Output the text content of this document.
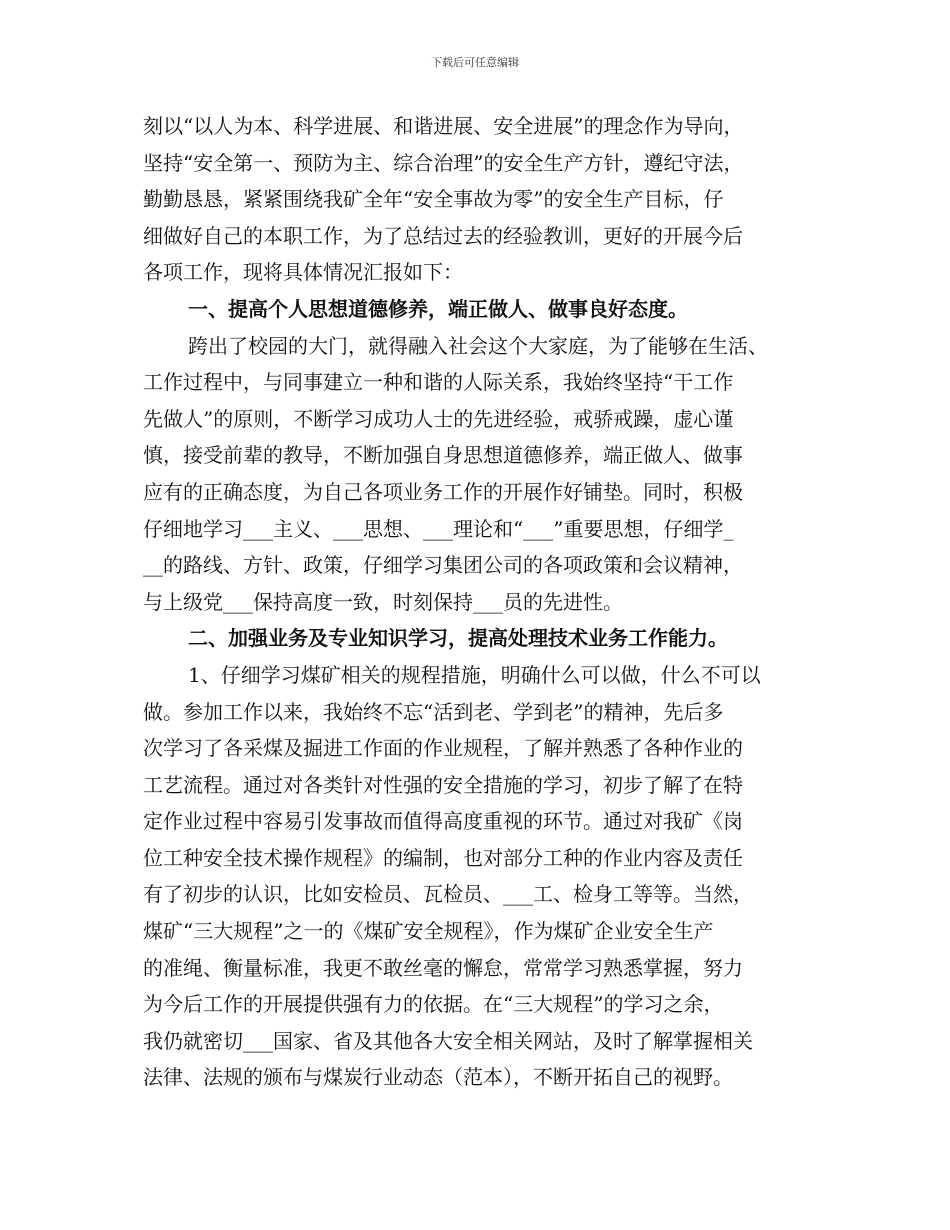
下载后可任意编辑
刻以“以人为本、科学进展、和谐进展、安全进展”的理念作为导向，
坚持“安全第一、预防为主、综合治理”的安全生产方针，遵纪守法，
勤勤恳恳，紧紧围绕我矿全年“安全事故为零”的安全生产目标，仔
细做好自己的本职工作，为了总结过去的经验教训，更好的开展今后
各项工作，现将具体情况汇报如下：
一、提高个人思想道德修养，端正做人、做事良好态度。
跨出了校园的大门，就得融入社会这个大家庭，为了能够在生活、
工作过程中，与同事建立一种和谐的人际关系，我始终坚持“干工作
先做人”的原则，不断学习成功人士的先进经验，戒骄戒躁，虚心谨
慎，接受前辈的教导，不断加强自身思想道德修养，端正做人、做事
应有的正确态度，为自己各项业务工作的开展作好铺垫。同时，积极
仔细地学习___主义、___思想、___理论和“___”重要思想，仔细学_
__的路线、方针、政策，仔细学习集团公司的各项政策和会议精神，
与上级党___保持高度一致，时刻保持___员的先进性。
二、加强业务及专业知识学习，提高处理技术业务工作能力。
1、仔细学习煤矿相关的规程措施，明确什么可以做，什么不可以
做。参加工作以来，我始终不忘“活到老、学到老”的精神，先后多
次学习了各采煤及掘进工作面的作业规程，了解并熟悉了各种作业的
工艺流程。通过对各类针对性强的安全措施的学习，初步了解了在特
定作业过程中容易引发事故而值得高度重视的环节。通过对我矿《岗
位工种安全技术操作规程》的编制，也对部分工种的作业内容及责任
有了初步的认识，比如安检员、瓦检员、___工、检身工等等。当然，
煤矿“三大规程”之一的《煤矿安全规程》，作为煤矿企业安全生产
的准绳、衡量标准，我更不敢丝毫的懈怠，常常学习熟悉掌握，努力
为今后工作的开展提供强有力的依据。在“三大规程”的学习之余，
我仍就密切___国家、省及其他各大安全相关网站，及时了解掌握相关
法律、法规的颁布与煤炭行业动态（范本），不断开拓自己的视野。
